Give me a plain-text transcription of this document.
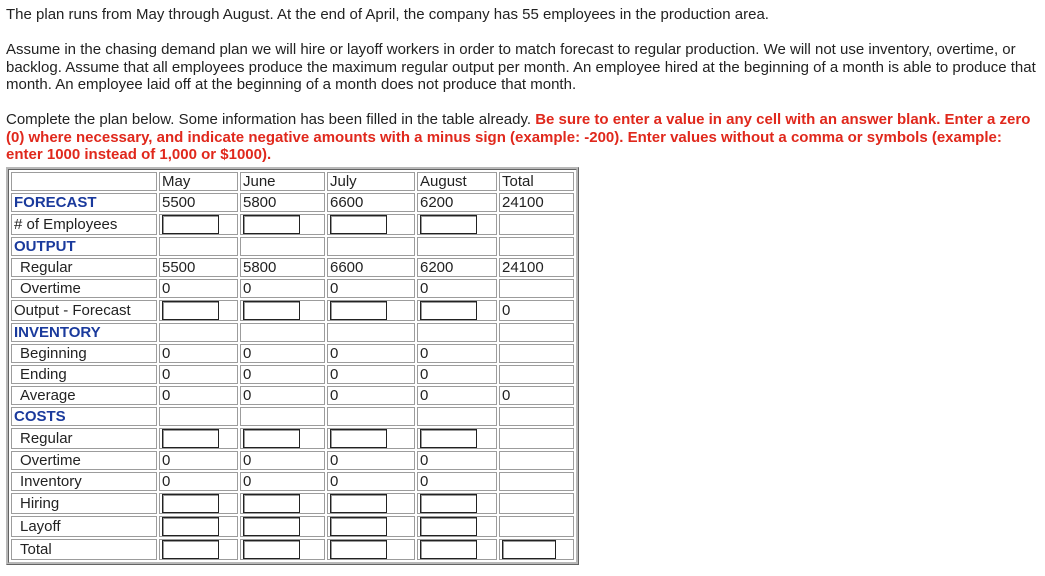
The plan runs from May through August. At the end of April, the company has 55 employees in the production area.
Assume in the chasing demand plan we will hire or layoff workers in order to match forecast to regular production. We will not use inventory, overtime, or backlog. Assume that all employees produce the maximum regular output per month. An employee hired at the beginning of a month is able to produce that month. An employee laid off at the beginning of a month does not produce that month.
Complete the plan below. Some information has been filled in the table already. Be sure to enter a value in any cell with an answer blank. Enter a zero (0) where necessary, and indicate negative amounts with a minus sign (example: -200). Enter values without a comma or symbols (example: enter 1000 instead of 1,000 or $1000).
	May	June	July	August	Total
FORECAST	5500	5800	6600	6200	24100
# of Employees					
OUTPUT					
Regular	5500	5800	6600	6200	24100
Overtime	0	0	0	0	
Output - Forecast					0
INVENTORY					
Beginning	0	0	0	0	
Ending	0	0	0	0	
Average	0	0	0	0	0
COSTS					
Regular					
Overtime	0	0	0	0	
Inventory	0	0	0	0	
Hiring					
Layoff					
Total					
